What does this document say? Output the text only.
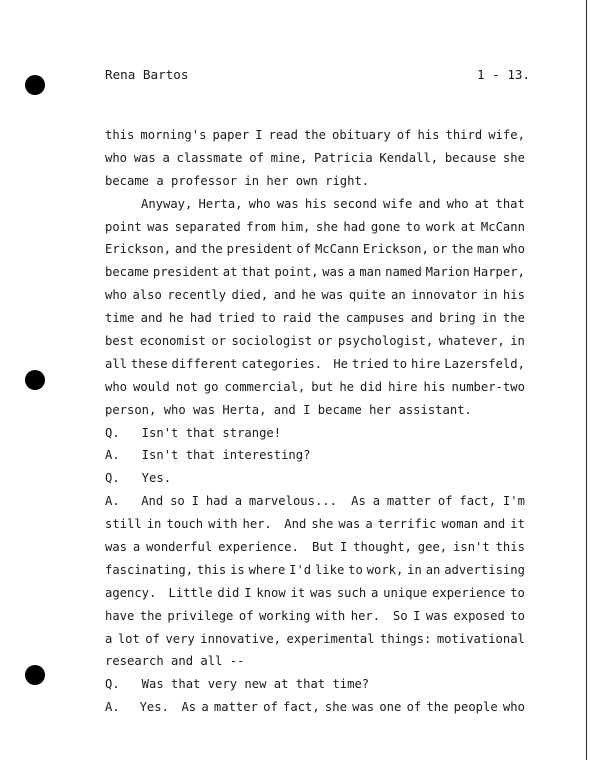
Rena Bartos	1 - 13.
this morning's paper I read the obituary of his third wife,
who was a classmate of mine, Patricia Kendall, because she
became a professor in her own right.
Anyway, Herta, who was his second wife and who at that
point was separated from him, she had gone to work at McCann
Erickson, and the president of McCann Erickson, or the man who
became president at that point, was a man named Marion Harper,
who also recently died, and he was quite an innovator in his
time and he had tried to raid the campuses and bring in the
best economist or sociologist or psychologist, whatever, in
all these different categories. He tried to hire Lazersfeld,
who would not go commercial, but he did hire his number-two
person, who was Herta, and I became her assistant.
Q.   Isn't that strange!
A.   Isn't that interesting?
Q.   Yes.
A. And so I had a marvelous... As a matter of fact, I'm
still in touch with her. And she was a terrific woman and it
was a wonderful experience. But I thought, gee, isn't this
fascinating, this is where I'd like to work, in an advertising
agency. Little did I know it was such a unique experience to
have the privilege of working with her. So I was exposed to
a lot of very innovative, experimental things: motivational
research and all --
Q.   Was that very new at that time?
A. Yes. As a matter of fact, she was one of the people who
